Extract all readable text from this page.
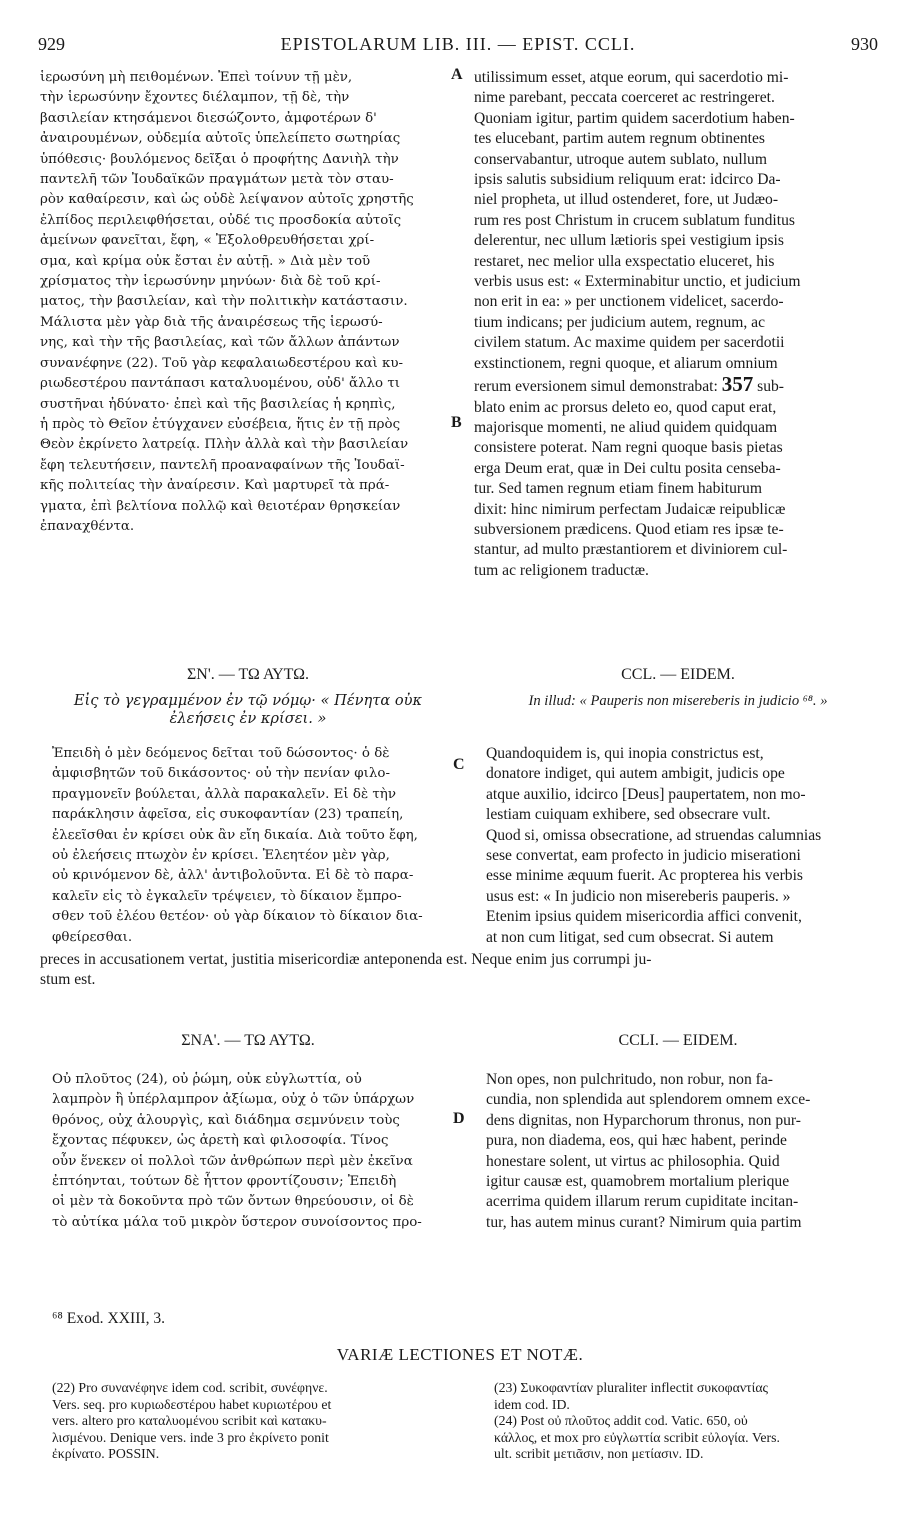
929	EPISTOLARUM LIB. III. — EPIST. CCLI.	930
ἱερωσύνη μὴ πειθομένων. Ἐπεὶ τοίνυν τῇ μὲν,
τὴν ἱερωσύνην ἔχοντες διέλαμπον, τῇ δὲ, τὴν
βασιλείαν κτησάμενοι διεσώζοντο, ἀμφοτέρων δ'
ἀναιρουμένων, οὐδεμία αὐτοῖς ὑπελείπετο σωτηρίας
ὑπόθεσις· βουλόμενος δεῖξαι ὁ προφήτης Δανιὴλ τὴν
παντελῆ τῶν Ἰουδαϊκῶν πραγμάτων μετὰ τὸν σταυ-
ρὸν καθαίρεσιν, καὶ ὡς οὐδὲ λείψανον αὐτοῖς χρηστῆς
ἐλπίδος περιλειφθήσεται, οὐδέ τις προσδοκία αὐτοῖς
ἀμείνων φανεῖται, ἔφη, « Ἐξολοθρευθήσεται χρί-
σμα, καὶ κρίμα οὐκ ἔσται ἐν αὐτῇ. » Διὰ μὲν τοῦ
χρίσματος τὴν ἱερωσύνην μηνύων· διὰ δὲ τοῦ κρί-
ματος, τὴν βασιλείαν, καὶ τὴν πολιτικὴν κατάστασιν.
Μάλιστα μὲν γὰρ διὰ τῆς ἀναιρέσεως τῆς ἱερωσύ-
νης, καὶ τὴν τῆς βασιλείας, καὶ τῶν ἄλλων ἀπάντων
συνανέφηνε (22). Τοῦ γὰρ κεφαλαιωδεστέρου καὶ κυ-
ριωδεστέρου παντάπασι καταλυομένου, οὐδ' ἄλλο τι
συστῆναι ἠδύνατο· ἐπεὶ καὶ τῆς βασιλείας ἡ κρηπὶς,
ἡ πρὸς τὸ Θεῖον ἐτύγχανεν εὐσέβεια, ἥτις ἐν τῇ πρὸς
Θεὸν ἐκρίνετο λατρείᾳ. Πλὴν ἀλλὰ καὶ τὴν βασιλείαν
ἔφη τελευτήσειν, παντελῆ προαναφαίνων τῆς Ἰουδαϊ-
κῆς πολιτείας τὴν ἀναίρεσιν. Καὶ μαρτυρεῖ τὰ πρά-
γματα, ἐπὶ βελτίονα πολλῷ καὶ θειοτέραν θρησκείαν
ἐπαναχθέντα.
utilissimum esset, atque eorum, qui sacerdotio mi-
nime parebant, peccata coerceret ac restringeret.
Quoniam igitur, partim quidem sacerdotium haben-
tes elucebant, partim autem regnum obtinentes
conservabantur, utroque autem sublato, nullum
ipsis salutis subsidium reliquum erat: idcirco Da-
niel propheta, ut illud ostenderet, fore, ut Judæo-
rum res post Christum in crucem sublatum funditus
delerentur, nec ullum lætioris spei vestigium ipsis
restaret, nec melior ulla exspectatio eluceret, his
verbis usus est: « Exterminabitur unctio, et judicium
non erit in ea: » per unctionem videlicet, sacerdo-
tium indicans; per judicium autem, regnum, ac
civilem statum. Ac maxime quidem per sacerdotii
exstinctionem, regni quoque, et aliarum omnium
rerum eversionem simul demonstrabat: 357 sub-
blato enim ac prorsus deleto eo, quod caput erat,
majorisque momenti, ne aliud quidem quidquam
consistere poterat. Nam regni quoque basis pietas
erga Deum erat, quæ in Dei cultu posita censeba-
tur. Sed tamen regnum etiam finem habiturum
dixit: hinc nimirum perfectam Judaicæ reipublicæ
subversionem prædicens. Quod etiam res ipsæ te-
stantur, ad multo præstantiorem et diviniorem cul-
tum ac religionem traductæ.
A
B
ΣΝ'. — ΤΩ ΑΥΤΩ.	CCL. — EIDEM.
Εἰς τὸ γεγραμμένον ἐν τῷ νόμῳ· « Πένητα οὐκ
ἐλεήσεις ἐν κρίσει. »
In illud: « Pauperis non misereberis in judicio ⁶⁸. »
Ἐπειδὴ ὁ μὲν δεόμενος δεῖται τοῦ δώσοντος· ὁ δὲ
ἀμφισβητῶν τοῦ δικάσοντος· οὐ τὴν πενίαν φιλο-
πραγμονεῖν βούλεται, ἀλλὰ παρακαλεῖν. Εἰ δὲ τὴν
παράκλησιν ἀφεῖσα, εἰς συκοφαντίαν (23) τραπείη,
ἐλεεῖσθαι ἐν κρίσει οὐκ ἂν εἴη δικαία. Διὰ τοῦτο ἔφη,
οὐ ἐλεήσεις πτωχὸν ἐν κρίσει. Ἐλεητέον μὲν γὰρ,
οὐ κρινόμενον δὲ, ἀλλ' ἀντιβολοῦντα. Εἰ δὲ τὸ παρα-
καλεῖν εἰς τὸ ἐγκαλεῖν τρέψειεν, τὸ δίκαιον ἔμπρο-
σθεν τοῦ ἐλέου θετέον· οὐ γὰρ δίκαιον τὸ δίκαιον δια-
φθείρεσθαι.
Quandoquidem is, qui inopia constrictus est,
donatore indiget, qui autem ambigit, judicis ope
atque auxilio, idcirco [Deus] paupertatem, non mo-
lestiam cuiquam exhibere, sed obsecrare vult.
Quod si, omissa obsecratione, ad struendas calumnias
sese convertat, eam profecto in judicio miserationi
esse minime æquum fuerit. Ac propterea his verbis
usus est: « In judicio non misereberis pauperis. »
Etenim ipsius quidem misericordia affici convenit,
at non cum litigat, sed cum obsecrat. Si autem
C
preces in accusationem vertat, justitia misericordiæ anteponenda est. Neque enim jus corrumpi ju-
stum est.
ΣΝΑ'. — ΤΩ ΑΥΤΩ.	CCLI. — EIDEM.
Οὐ πλοῦτος (24), οὐ ῥώμη, οὐκ εὐγλωττία, οὐ
λαμπρὸν ἢ ὑπέρλαμπρον ἀξίωμα, οὐχ ὁ τῶν ὑπάρχων
θρόνος, οὐχ ἁλουργὶς, καὶ διάδημα σεμνύνειν τοὺς
ἔχοντας πέφυκεν, ὡς ἀρετὴ καὶ φιλοσοφία. Τίνος
οὖν ἕνεκεν οἱ πολλοὶ τῶν ἀνθρώπων περὶ μὲν ἐκεῖνα
ἐπτόηνται, τούτων δὲ ἧττον φροντίζουσιν; Ἐπειδὴ
οἱ μὲν τὰ δοκοῦντα πρὸ τῶν ὄντων θηρεύουσιν, οἱ δὲ
τὸ αὐτίκα μάλα τοῦ μικρὸν ὕστερον συνοίσοντος προ-
Non opes, non pulchritudo, non robur, non fa-
cundia, non splendida aut splendorem omnem exce-
dens dignitas, non Hyparchorum thronus, non pur-
pura, non diadema, eos, qui hæc habent, perinde
honestare solent, ut virtus ac philosophia. Quid
igitur causæ est, quamobrem mortalium plerique
acerrima quidem illarum rerum cupiditate incitan-
tur, has autem minus curant? Nimirum quia partim
D
⁶⁸ Exod. XXIII, 3.
VARIÆ LECTIONES ET NOTÆ.
(22) Pro συνανέφηνε idem cod. scribit, συνέφηνε.
Vers. seq. pro κυριωδεστέρου habet κυριωτέρου et
vers. altero pro καταλυομένου scribit καὶ κατακυ-
λισμένου. Denique vers. inde 3 pro ἐκρίνετο ponit
ἐκρίνατο. POSSIN.
(23) Συκοφαντίαν pluraliter inflectit συκοφαντίας
idem cod. ID.
(24) Post οὐ πλοῦτος addit cod. Vatic. 650, οὐ
κάλλος, et mox pro εὐγλωττία scribit εὐλογία. Vers.
ult. scribit μετιᾶσιν, non μετίασιν. ID.
